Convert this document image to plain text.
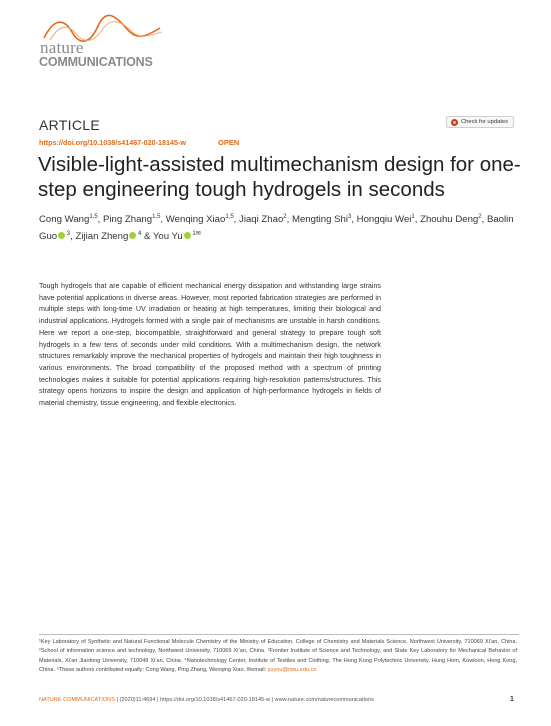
nature
COMMUNICATIONS
ARTICLE	Check for updates
https://doi.org/10.1038/s41467-020-18145-w	OPEN
Visible-light-assisted multimechanism design for one-step engineering tough hydrogels in seconds
Cong Wang$^{1,5}$, Ping Zhang$^{1,5}$, Wenqing Xiao$^{1,5}$, Jiaqi Zhao$^2$, Mengting Shi$^3$, Hongqiu Wei$^1$, Zhouhu Deng$^2$, Baolin Guo $^3$, Zijian Zheng $^4$ & You Yu $^{1✉}$

Tough hydrogels that are capable of efficient mechanical energy dissipation and withstanding large strains have potential applications in diverse areas. However, most reported fabrication strategies are performed in multiple steps with long-time UV irradiation or heating at high temperatures, limiting their biological and industrial applications. Hydrogels formed with a single pair of mechanisms are unstable in harsh conditions. Here we report a one-step, biocompatible, straightforward and general strategy to prepare tough soft hydrogels in a few tens of seconds under mild conditions. With a multimechanism design, the network structures remarkably improve the mechanical properties of hydrogels and maintain their high toughness in various environments. The broad compatibility of the proposed method with a spectrum of printing technologies makes it suitable for potential applications requiring high-resolution patterns/structures. This strategy opens horizons to inspire the design and application of high-performance hydrogels in fields of material chemistry, tissue engineering, and flexible electronics.

¹Key Laboratory of Synthetic and Natural Functional Molecule Chemistry of the Ministry of Education, College of Chemistry and Materials Science, Northwest University, 710069 Xi’an, China. ²School of information science and technology, Northwest University, 710069 Xi’an, China. ³Frontier Institute of Science and Technology, and State Key Laboratory for Mechanical Behavior of Materials, Xi’an Jiaotong University, 710049 Xi’an, China. ⁴Nanotechnology Center, Institute of Textiles and Clothing, The Hong Kong Polytechnic University, Hung Hom, Kowloon, Hong Kong, China. ⁵These authors contributed equally: Cong Wang, Ping Zhang, Wenqing Xiao. ✉email: yuyou@nwu.edu.cn

NATURE COMMUNICATIONS | (2020)11:4694 | https://doi.org/10.1038/s41467-020-18145-w | www.nature.com/naturecommunications	1
